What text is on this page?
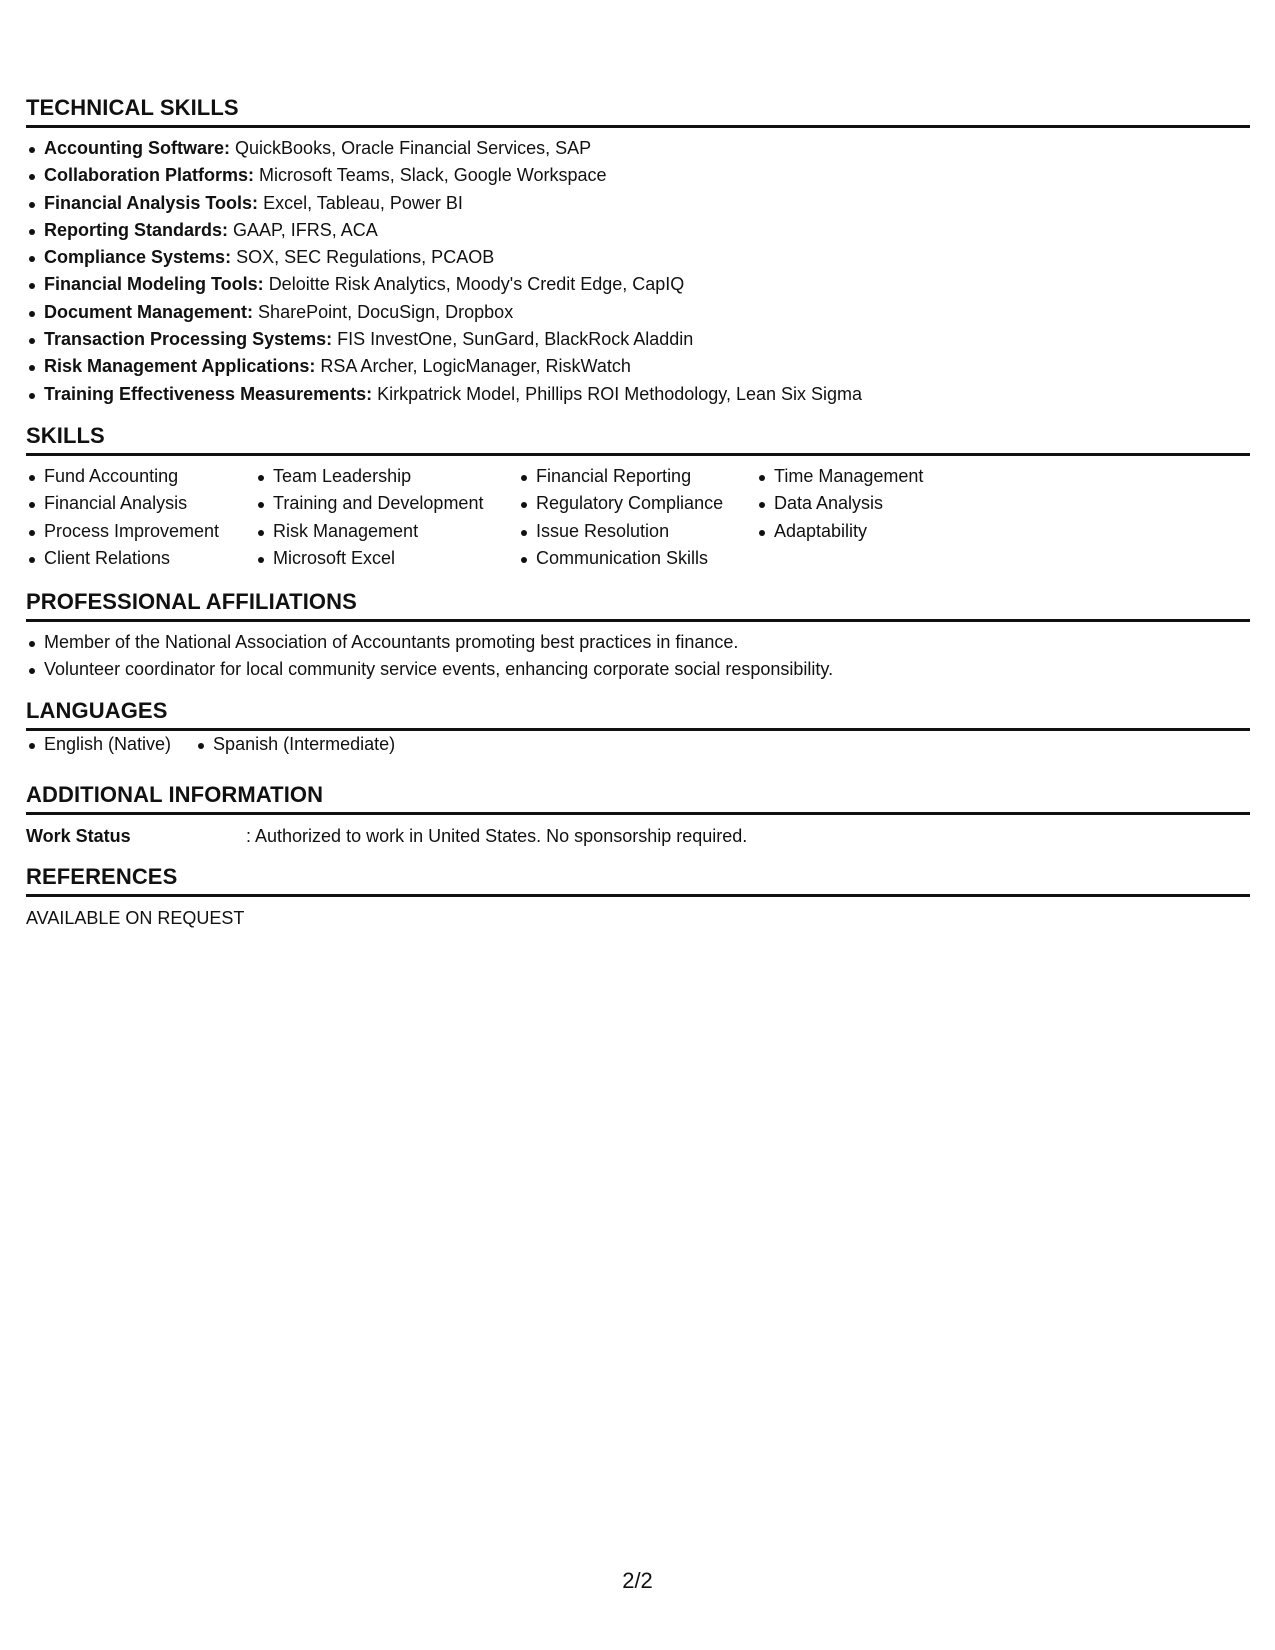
TECHNICAL SKILLS
Accounting Software: QuickBooks, Oracle Financial Services, SAP
Collaboration Platforms: Microsoft Teams, Slack, Google Workspace
Financial Analysis Tools: Excel, Tableau, Power BI
Reporting Standards: GAAP, IFRS, ACA
Compliance Systems: SOX, SEC Regulations, PCAOB
Financial Modeling Tools: Deloitte Risk Analytics, Moody's Credit Edge, CapIQ
Document Management: SharePoint, DocuSign, Dropbox
Transaction Processing Systems: FIS InvestOne, SunGard, BlackRock Aladdin
Risk Management Applications: RSA Archer, LogicManager, RiskWatch
Training Effectiveness Measurements: Kirkpatrick Model, Phillips ROI Methodology, Lean Six Sigma
SKILLS
Fund Accounting
Financial Analysis
Process Improvement
Client Relations
Team Leadership
Training and Development
Risk Management
Microsoft Excel
Financial Reporting
Regulatory Compliance
Issue Resolution
Communication Skills
Time Management
Data Analysis
Adaptability
PROFESSIONAL AFFILIATIONS
Member of the National Association of Accountants promoting best practices in finance.
Volunteer coordinator for local community service events, enhancing corporate social responsibility.
LANGUAGES
English (Native)	Spanish (Intermediate)
ADDITIONAL INFORMATION
Work Status	: Authorized to work in United States. No sponsorship required.
REFERENCES
AVAILABLE ON REQUEST
2/2
